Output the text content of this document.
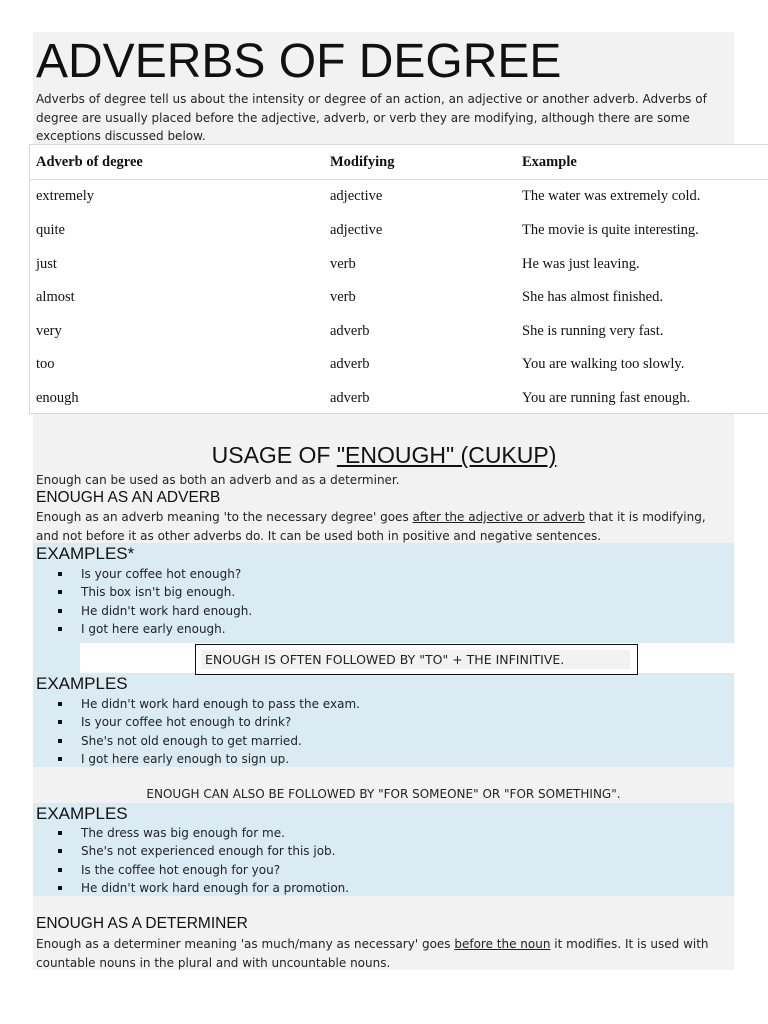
ADVERBS OF DEGREE

Adverbs of degree tell us about the intensity or degree of an action, an adjective or another adverb. Adverbs of degree are usually placed before the adjective, adverb, or verb they are modifying, although there are some exceptions discussed below.

Adverb of degree	Modifying	Example
extremely	adjective	The water was extremely cold.
quite	adjective	The movie is quite interesting.
just	verb	He was just leaving.
almost	verb	She has almost finished.
very	adverb	She is running very fast.
too	adverb	You are walking too slowly.
enough	adverb	You are running fast enough.
USAGE OF "ENOUGH" (CUKUP)

Enough can be used as both an adverb and as a determiner.

ENOUGH AS AN ADVERB

Enough as an adverb meaning 'to the necessary degree' goes after the adjective or adverb that it is modifying, and not before it as other adverbs do. It can be used both in positive and negative sentences.

EXAMPLES*
Is your coffee hot enough?
This box isn't big enough.
He didn't work hard enough.
I got here early enough.
ENOUGH IS OFTEN FOLLOWED BY "TO" + THE INFINITIVE.
EXAMPLES
He didn't work hard enough to pass the exam.
Is your coffee hot enough to drink?
She's not old enough to get married.
I got here early enough to sign up.
ENOUGH CAN ALSO BE FOLLOWED BY "FOR SOMEONE" OR "FOR SOMETHING".
EXAMPLES
The dress was big enough for me.
She's not experienced enough for this job.
Is the coffee hot enough for you?
He didn't work hard enough for a promotion.
ENOUGH AS A DETERMINER

Enough as a determiner meaning 'as much/many as necessary' goes before the noun it modifies. It is used with countable nouns in the plural and with uncountable nouns.
